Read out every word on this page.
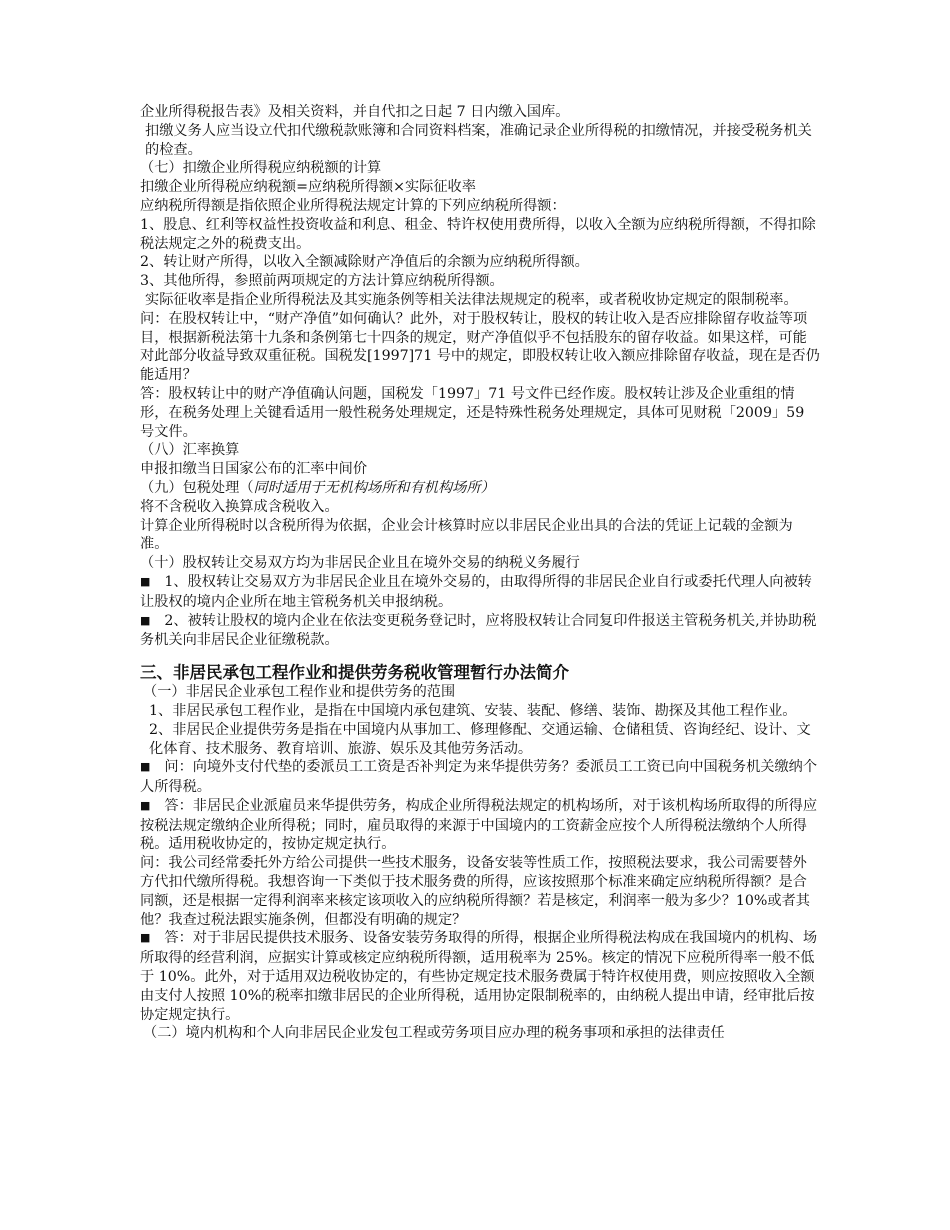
企业所得税报告表》及相关资料，并自代扣之日起 7 日内缴入国库。
扣缴义务人应当设立代扣代缴税款账簿和合同资料档案，准确记录企业所得税的扣缴情况，并接受税务机关的检查。
（七）扣缴企业所得税应纳税额的计算
扣缴企业所得税应纳税额=应纳税所得额×实际征收率
应纳税所得额是指依照企业所得税法规定计算的下列应纳税所得额：
1、股息、红利等权益性投资收益和利息、租金、特许权使用费所得，以收入全额为应纳税所得额，不得扣除税法规定之外的税费支出。
2、转让财产所得，以收入全额减除财产净值后的余额为应纳税所得额。
3、其他所得，参照前两项规定的方法计算应纳税所得额。
实际征收率是指企业所得税法及其实施条例等相关法律法规规定的税率，或者税收协定规定的限制税率。
问：在股权转让中，“财产净值”如何确认？此外，对于股权转让，股权的转让收入是否应排除留存收益等项目，根据新税法第十九条和条例第七十四条的规定，财产净值似乎不包括股东的留存收益。如果这样，可能对此部分收益导致双重征税。国税发[1997]71 号中的规定，即股权转让收入额应排除留存收益，现在是否仍能适用？
答：股权转让中的财产净值确认问题，国税发「1997」71 号文件已经作废。股权转让涉及企业重组的情形，在税务处理上关键看适用一般性税务处理规定，还是特殊性税务处理规定，具体可见财税「2009」59 号文件。
（八）汇率换算
申报扣缴当日国家公布的汇率中间价
（九）包税处理（同时适用于无机构场所和有机构场所）
将不含税收入换算成含税收入。
计算企业所得税时以含税所得为依据，企业会计核算时应以非居民企业出具的合法的凭证上记载的金额为准。
（十）股权转让交易双方均为非居民企业且在境外交易的纳税义务履行
■ 1、股权转让交易双方为非居民企业且在境外交易的，由取得所得的非居民企业自行或委托代理人向被转让股权的境内企业所在地主管税务机关申报纳税。
■ 2、被转让股权的境内企业在依法变更税务登记时，应将股权转让合同复印件报送主管税务机关,并协助税务机关向非居民企业征缴税款。
三、非居民承包工程作业和提供劳务税收管理暂行办法简介
（一）非居民企业承包工程作业和提供劳务的范围
1、非居民承包工程作业，是指在中国境内承包建筑、安装、装配、修缮、装饰、勘探及其他工程作业。
2、非居民企业提供劳务是指在中国境内从事加工、修理修配、交通运输、仓储租赁、咨询经纪、设计、文化体育、技术服务、教育培训、旅游、娱乐及其他劳务活动。
■ 问：向境外支付代垫的委派员工工资是否补判定为来华提供劳务？委派员工工资已向中国税务机关缴纳个人所得税。
■ 答：非居民企业派雇员来华提供劳务，构成企业所得税法规定的机构场所，对于该机构场所取得的所得应按税法规定缴纳企业所得税；同时，雇员取得的来源于中国境内的工资薪金应按个人所得税法缴纳个人所得税。适用税收协定的，按协定规定执行。
问：我公司经常委托外方给公司提供一些技术服务，设备安装等性质工作，按照税法要求，我公司需要替外方代扣代缴所得税。我想咨询一下类似于技术服务费的所得，应该按照那个标准来确定应纳税所得额？是合同额，还是根据一定得利润率来核定该项收入的应纳税所得额？若是核定，利润率一般为多少？10%或者其他？我查过税法跟实施条例，但都没有明确的规定？
■ 答：对于非居民提供技术服务、设备安装劳务取得的所得，根据企业所得税法构成在我国境内的机构、场所取得的经营利润，应据实计算或核定应纳税所得额，适用税率为 25%。核定的情况下应税所得率一般不低于 10%。此外，对于适用双边税收协定的，有些协定规定技术服务费属于特许权使用费，则应按照收入全额由支付人按照 10%的税率扣缴非居民的企业所得税，适用协定限制税率的，由纳税人提出申请，经审批后按协定规定执行。
（二）境内机构和个人向非居民企业发包工程或劳务项目应办理的税务事项和承担的法律责任
